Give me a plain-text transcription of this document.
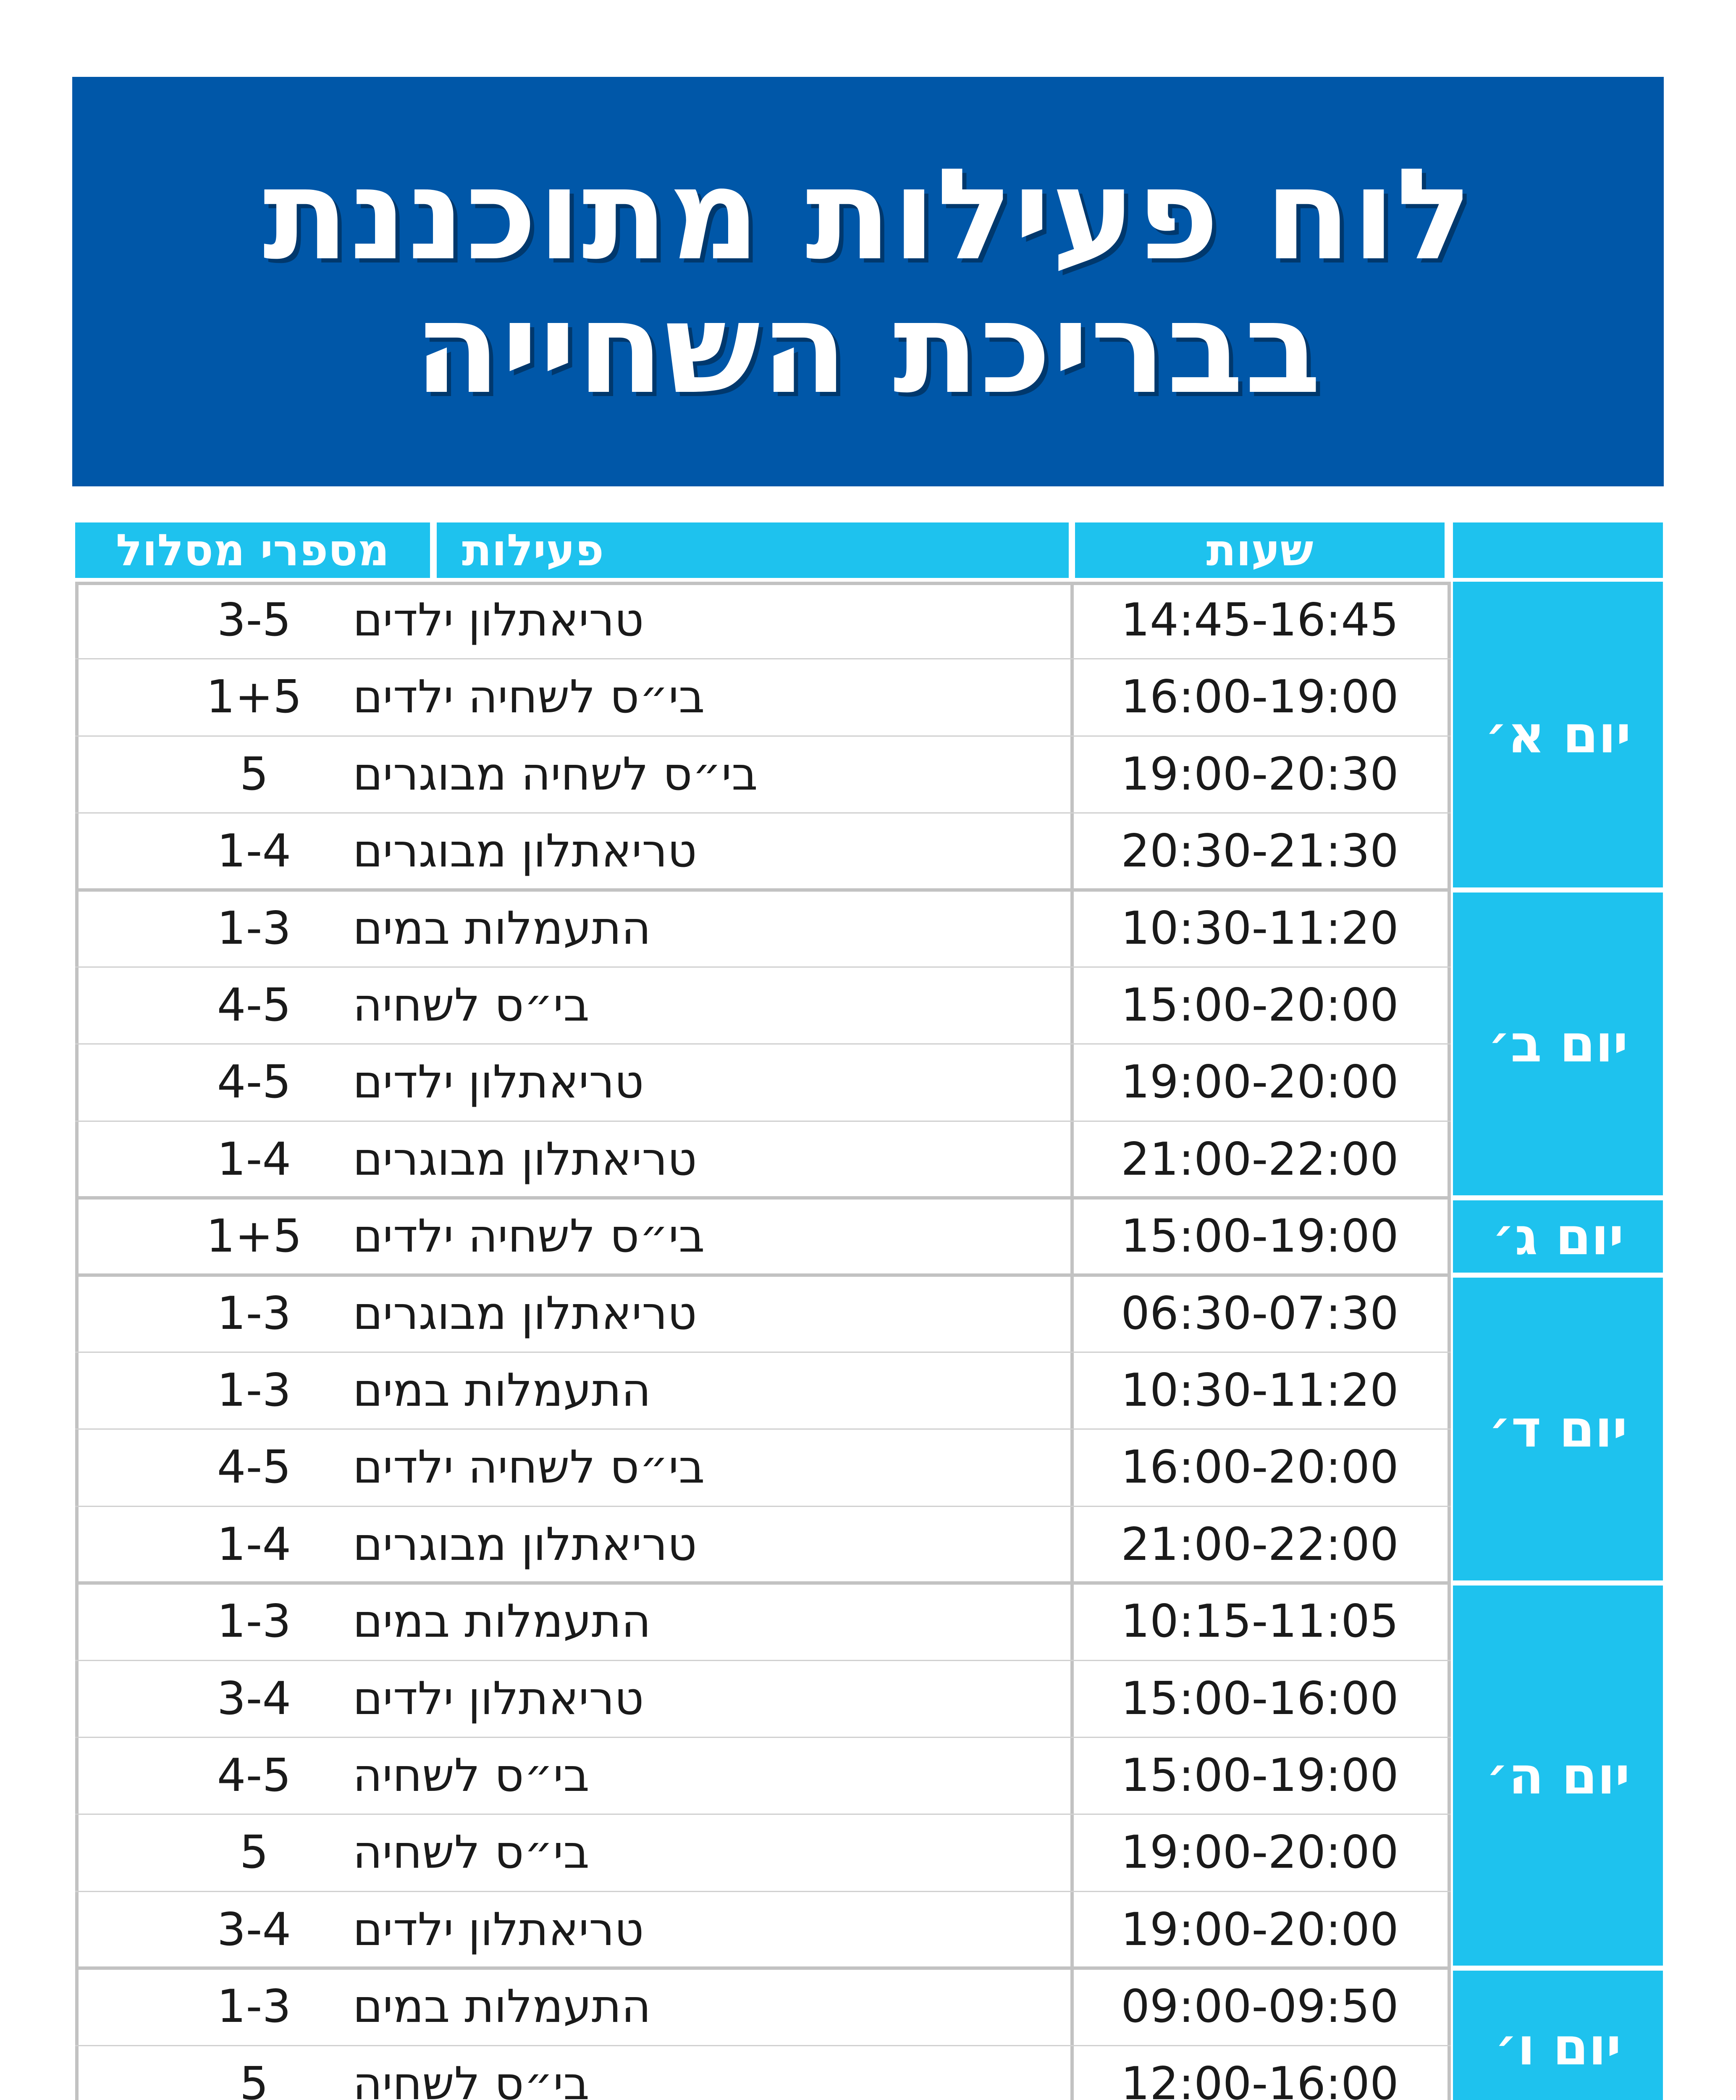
לוח פעילות מתוכננת
בבריכת השחייה
שעות
פעילות
מספרי מסלול
14:45-16:45
טריאתלון ילדים
3-5
16:00-19:00
בי״ס לשחיה ילדים
1+5
19:00-20:30
בי״ס לשחיה מבוגרים
5
20:30-21:30
טריאתלון מבוגרים
1-4
יום א׳
10:30-11:20
התעמלות במים
1-3
15:00-20:00
בי״ס לשחיה
4-5
19:00-20:00
טריאתלון ילדים
4-5
21:00-22:00
טריאתלון מבוגרים
1-4
יום ב׳
15:00-19:00
בי״ס לשחיה ילדים
1+5	יום ג׳
06:30-07:30
טריאתלון מבוגרים
1-3
10:30-11:20
התעמלות במים
1-3
16:00-20:00
בי״ס לשחיה ילדים
4-5
21:00-22:00
טריאתלון מבוגרים
1-4
יום ד׳
10:15-11:05
התעמלות במים
1-3
15:00-16:00
טריאתלון ילדים
3-4
15:00-19:00
בי״ס לשחיה
4-5
19:00-20:00
בי״ס לשחיה
5
19:00-20:00
טריאתלון ילדים
3-4
יום ה׳
09:00-09:50
התעמלות במים
1-3
12:00-16:00
בי״ס לשחיה
5
יום ו׳
